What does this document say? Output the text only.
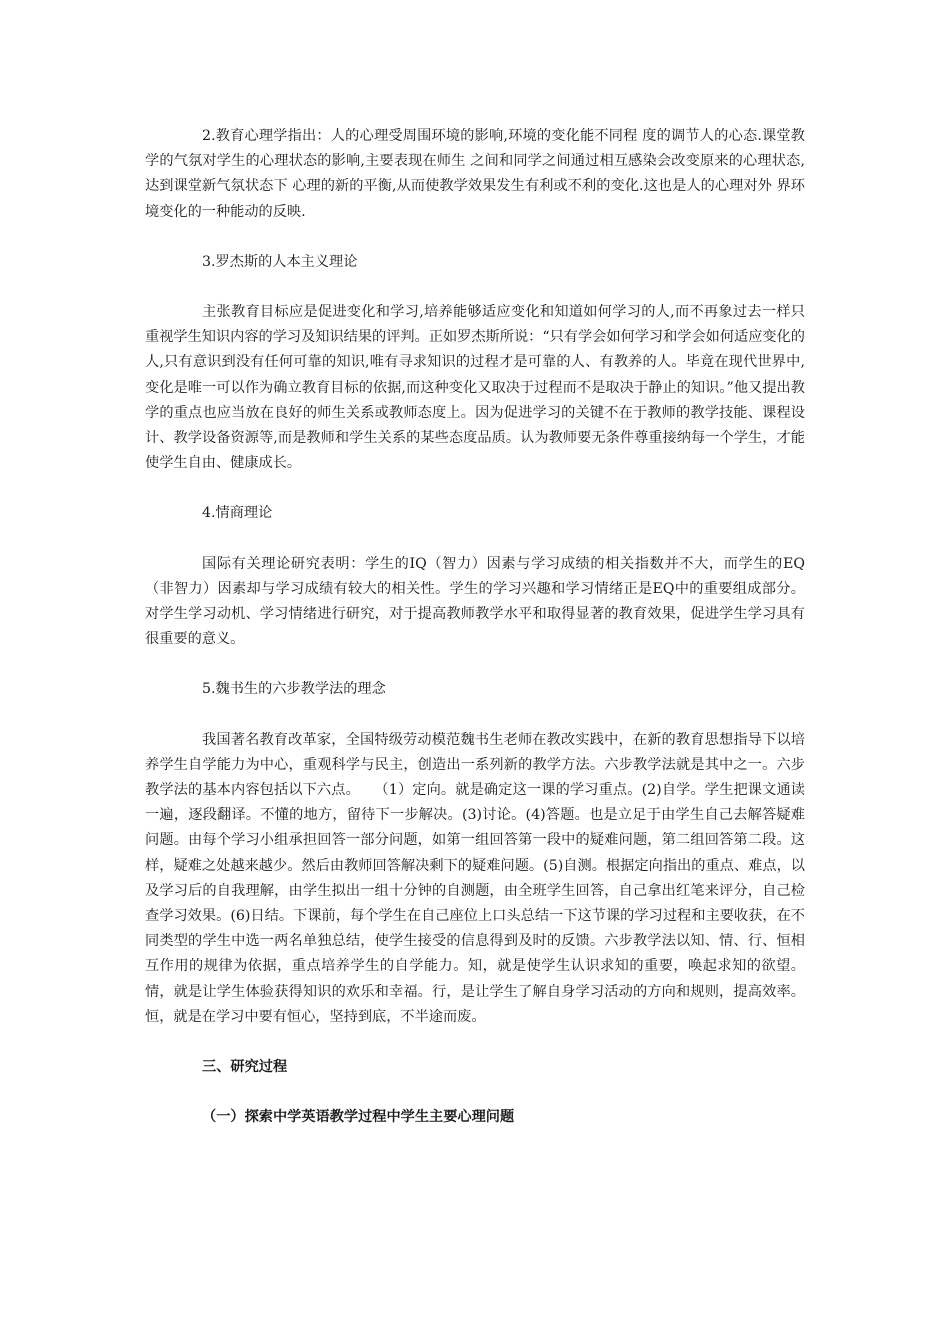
2.教育心理学指出：人的心理受周围环境的影响,环境的变化能不同程 度的调节人的心态.课堂教学的气氛对学生的心理状态的影响,主要表现在师生 之间和同学之间通过相互感染会改变原来的心理状态, 达到课堂新气氛状态下 心理的新的平衡,从而使教学效果发生有利或不利的变化.这也是人的心理对外 界环境变化的一种能动的反映.

3.罗杰斯的人本主义理论

主张教育目标应是促进变化和学习,培养能够适应变化和知道如何学习的人,而不再象过去一样只重视学生知识内容的学习及知识结果的评判。正如罗杰斯所说：“只有学会如何学习和学会如何适应变化的人,只有意识到没有任何可靠的知识,唯有寻求知识的过程才是可靠的人、有教养的人。毕竟在现代世界中,变化是唯一可以作为确立教育目标的依据,而这种变化又取决于过程而不是取决于静止的知识。”他又提出教学的重点也应当放在良好的师生关系或教师态度上。因为促进学习的关键不在于教师的教学技能、课程设计、教学设备资源等,而是教师和学生关系的某些态度品质。认为教师要无条件尊重接纳每一个学生，才能使学生自由、健康成长。

4.情商理论

国际有关理论研究表明：学生的IQ（智力）因素与学习成绩的相关指数并不大，而学生的EQ（非智力）因素却与学习成绩有较大的相关性。学生的学习兴趣和学习情绪正是EQ中的重要组成部分。对学生学习动机、学习情绪进行研究，对于提高教师教学水平和取得显著的教育效果，促进学生学习具有很重要的意义。

5.魏书生的六步教学法的理念

我国著名教育改革家，全国特级劳动模范魏书生老师在教改实践中，在新的教育思想指导下以培养学生自学能力为中心，重观科学与民主，创造出一系列新的教学方法。六步教学法就是其中之一。六步教学法的基本内容包括以下六点。　　（1）定向。就是确定这一课的学习重点。(2)自学。学生把课文通读一遍，逐段翻译。不懂的地方，留待下一步解决。(3)讨论。(4)答题。也是立足于由学生自己去解答疑难问题。由每个学习小组承担回答一部分问题，如第一组回答第一段中的疑难问题，第二组回答第二段。这样，疑难之处越来越少。然后由教师回答解决剩下的疑难问题。(5)自测。根据定向指出的重点、难点，以及学习后的自我理解，由学生拟出一组十分钟的自测题，由全班学生回答，自己拿出红笔来评分，自己检查学习效果。(6)日结。下课前，每个学生在自己座位上口头总结一下这节课的学习过程和主要收获，在不同类型的学生中选一两名单独总结，使学生接受的信息得到及时的反馈。六步教学法以知、情、行、恒相互作用的规律为依据，重点培养学生的自学能力。知，就是使学生认识求知的重要，唤起求知的欲望。情，就是让学生体验获得知识的欢乐和幸福。行，是让学生了解自身学习活动的方向和规则，提高效率。恒，就是在学习中要有恒心，坚持到底，不半途而废。

三、研究过程

（一）探索中学英语教学过程中学生主要心理问题
